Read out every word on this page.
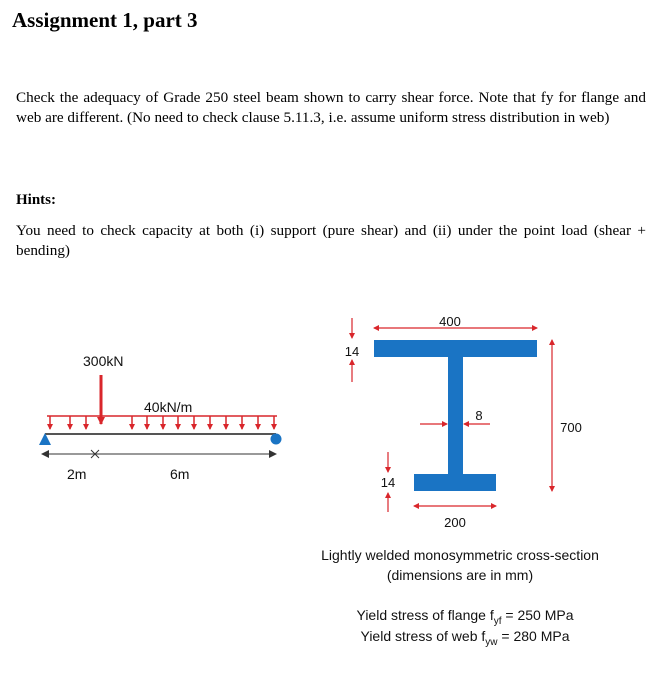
Assignment 1, part 3
Check the adequacy of Grade 250 steel beam shown to carry shear force. Note that fy for flange and web are different. (No need to check clause 5.11.3, i.e. assume uniform stress distribution in web)
Hints:
You need to check capacity at both (i) support (pure shear) and (ii) under the point load (shear + bending)
300kN
40kN/m
2m	6m
400
14
8
700
14
200
Lightly welded monosymmetric cross-section
(dimensions are in mm)
Yield stress of flange $f_{yf} = 250$ MPa
Yield stress of web $f_{yw} = 280$ MPa
